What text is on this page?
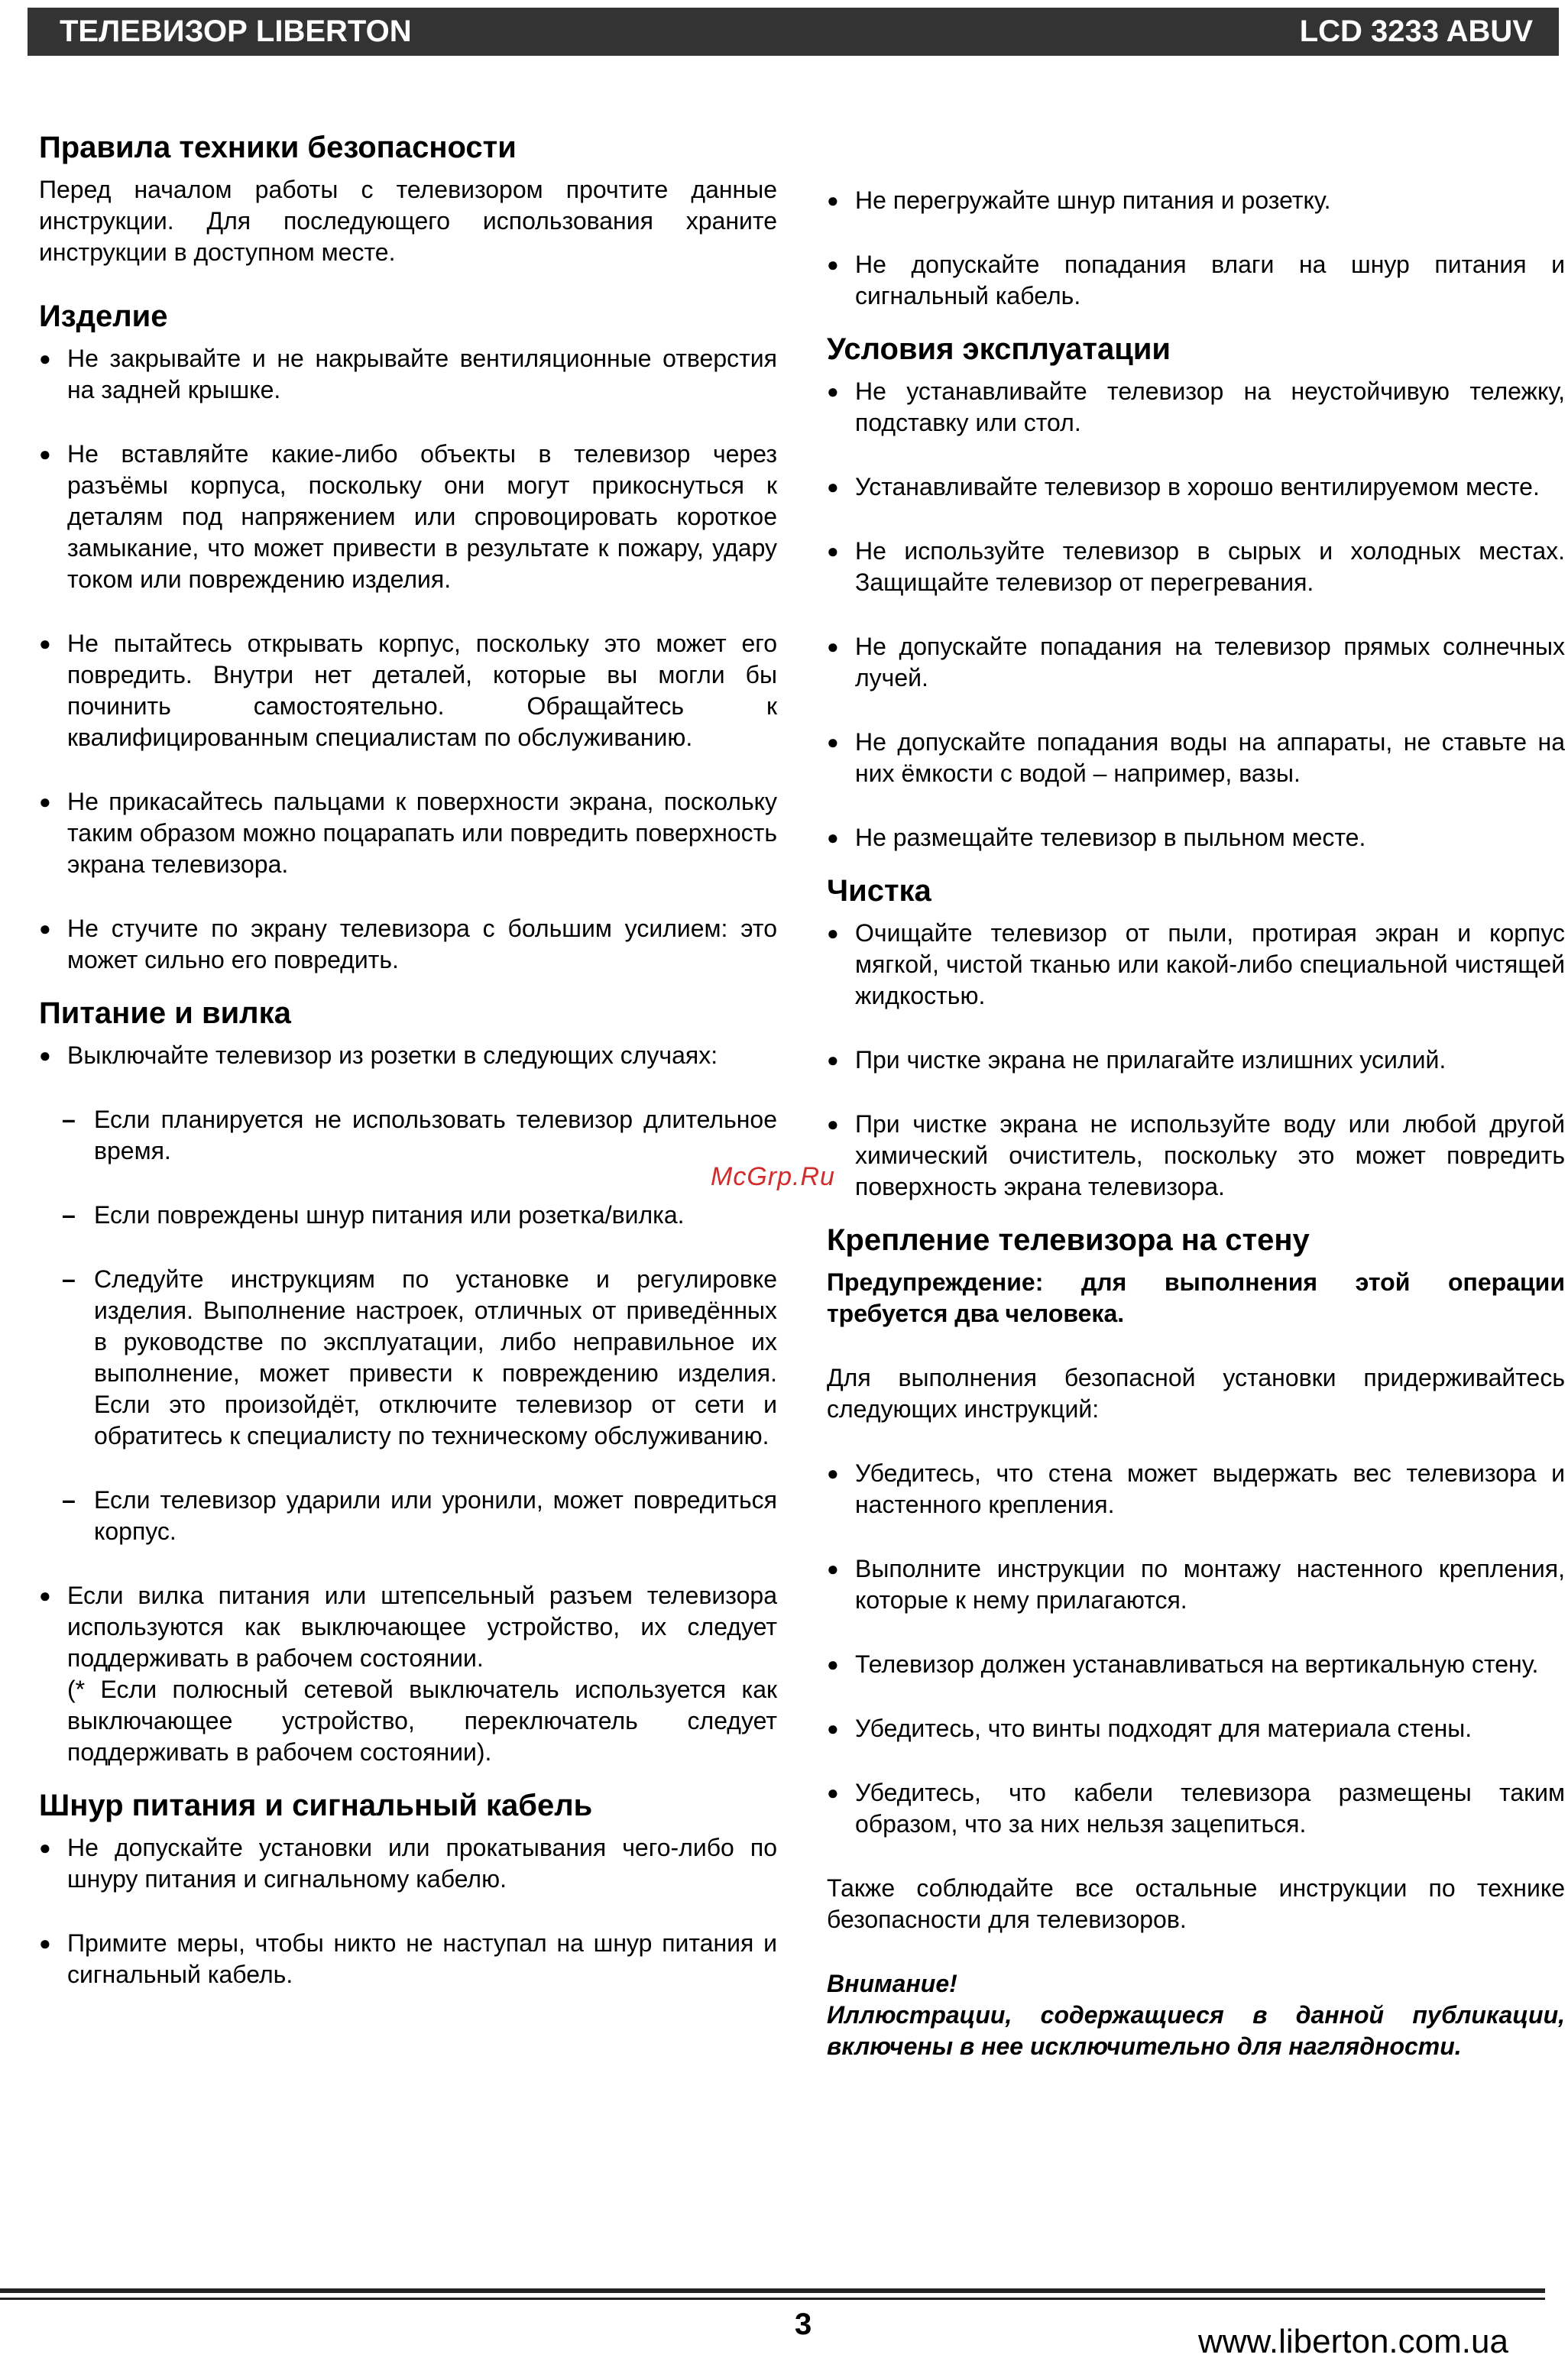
ТЕЛЕВИЗОР LIBERTON	LCD 3233 ABUV
Правила техники безопасности

Перед началом работы с телевизором прочтите данные инструкции. Для последующего использования храните инструкции в доступном месте.

Изделие
● Не закрывайте и не накрывайте вентиляционные отверстия на задней крышке.
● Не вставляйте какие-либо объекты в телевизор через разъёмы корпуса, поскольку они могут прикоснуться к деталям под напряжением или спровоцировать короткое замыкание, что может привести в результате к пожару, удару током или повреждению изделия.
● Не пытайтесь открывать корпус, поскольку это может его повредить. Внутри нет деталей, которые вы могли бы починить самостоятельно. Обращайтесь к квалифицированным специалистам по обслуживанию.
● Не прикасайтесь пальцами к поверхности экрана, поскольку таким образом можно поцарапать или повредить поверхность экрана телевизора.
● Не стучите по экрану телевизора с большим усилием: это может сильно его повредить.
Питание и вилка
● Выключайте телевизор из розетки в следующих случаях:
– Если планируется не использовать телевизор длительное время.
– Если повреждены шнур питания или розетка/вилка.
– Следуйте инструкциям по установке и регулировке изделия. Выполнение настроек, отличных от приведённых в руководстве по эксплуатации, либо неправильное их выполнение, может привести к повреждению изделия. Если это произойдёт, отключите телевизор от сети и обратитесь к специалисту по техническому обслуживанию.
– Если телевизор ударили или уронили, может повредиться корпус.
● Если вилка питания или штепсельный разъем телевизора используются как выключающее устройство, их следует поддерживать в рабочем состоянии.
(* Если полюсный сетевой выключатель используется как выключающее устройство, переключатель следует поддерживать в рабочем состоянии).
Шнур питания и сигнальный кабель
● Не допускайте установки или прокатывания чего-либо по шнуру питания и сигнальному кабелю.
● Примите меры, чтобы никто не наступал на шнур питания и сигнальный кабель.
● Не перегружайте шнур питания и розетку.
● Не допускайте попадания влаги на шнур питания и сигнальный кабель.
Условия эксплуатации
● Не устанавливайте телевизор на неустойчивую тележку, подставку или стол.
● Устанавливайте телевизор в хорошо вентилируемом месте.
● Не используйте телевизор в сырых и холодных местах. Защищайте телевизор от перегревания.
● Не допускайте попадания на телевизор прямых солнечных лучей.
● Не допускайте попадания воды на аппараты, не ставьте на них ёмкости с водой – например, вазы.
● Не размещайте телевизор в пыльном месте.
Чистка
● Очищайте телевизор от пыли, протирая экран и корпус мягкой, чистой тканью или какой-либо специальной чистящей жидкостью.
● При чистке экрана не прилагайте излишних усилий.
● При чистке экрана не используйте воду или любой другой химический очиститель, поскольку это может повредить поверхность экрана телевизора.
Крепление телевизора на стену

Предупреждение: для выполнения этой операции требуется два человека.

Для выполнения безопасной установки придерживайтесь следующих инструкций:

● Убедитесь, что стена может выдержать вес телевизора и настенного крепления.
● Выполните инструкции по монтажу настенного крепления, которые к нему прилагаются.
● Телевизор должен устанавливаться на вертикальную стену.
● Убедитесь, что винты подходят для материала стены.
● Убедитесь, что кабели телевизора размещены таким образом, что за них нельзя зацепиться.

Также соблюдайте все остальные инструкции по технике безопасности для телевизоров.

Внимание!

Иллюстрации, содержащиеся в данной публикации, включены в нее исключительно для наглядности.

McGrp.Ru
3	www.liberton.com.ua
